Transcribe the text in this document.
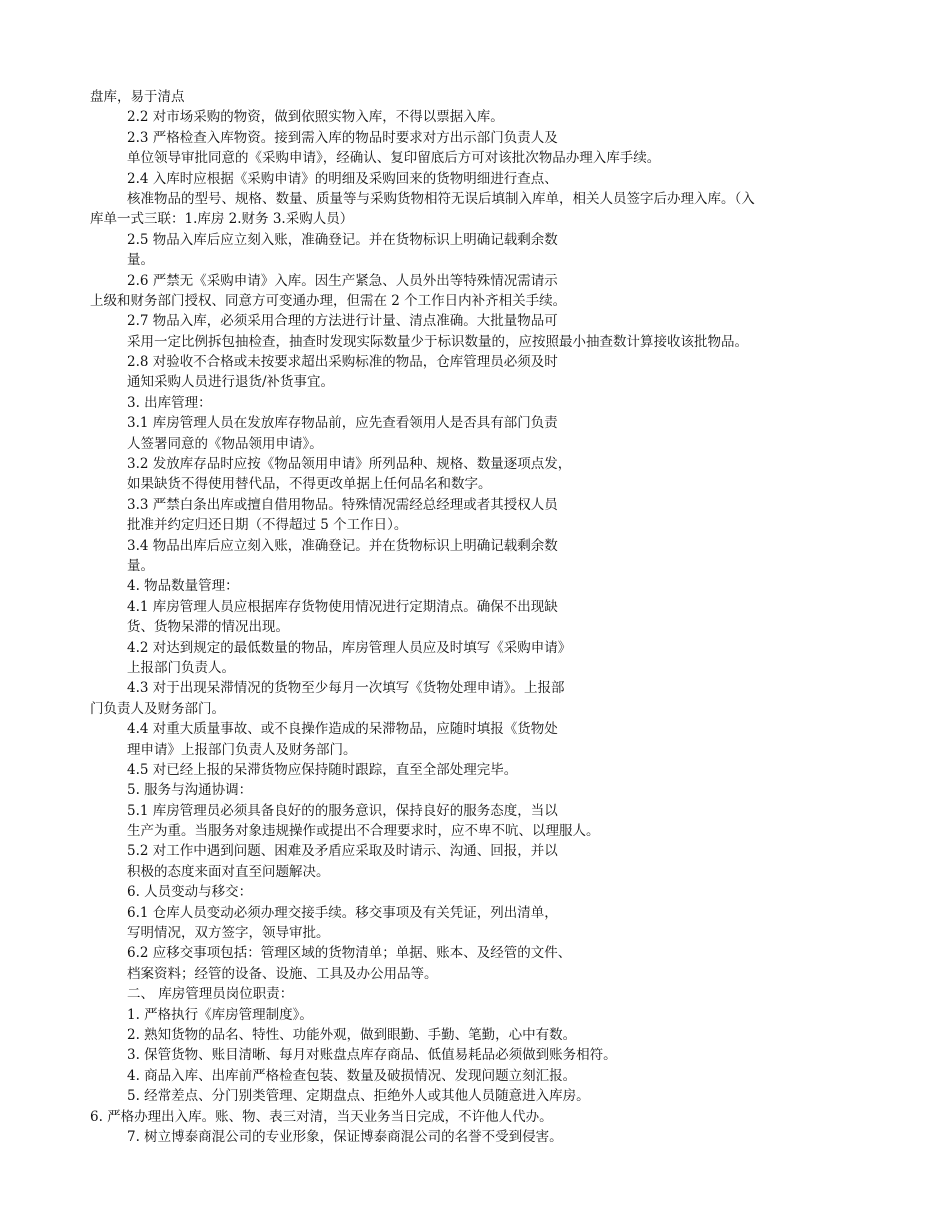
盘库，易于清点
2.2 对市场采购的物资，做到依照实物入库，不得以票据入库。
2.3 严格检查入库物资。接到需入库的物品时要求对方出示部门负责人及
单位领导审批同意的《采购申请》，经确认、复印留底后方可对该批次物品办理入库手续。
2.4 入库时应根据《采购申请》的明细及采购回来的货物明细进行查点、
核准物品的型号、规格、数量、质量等与采购货物相符无误后填制入库单，相关人员签字后办理入库。（入
库单一式三联：1.库房 2.财务 3.采购人员）
2.5 物品入库后应立刻入账，准确登记。并在货物标识上明确记载剩余数
量。
2.6 严禁无《采购申请》入库。因生产紧急、人员外出等特殊情况需请示
上级和财务部门授权、同意方可变通办理，但需在 2 个工作日内补齐相关手续。
2.7 物品入库，必须采用合理的方法进行计量、清点准确。大批量物品可
采用一定比例拆包抽检查，抽查时发现实际数量少于标识数量的，应按照最小抽查数计算接收该批物品。
2.8 对验收不合格或未按要求超出采购标准的物品，仓库管理员必须及时
通知采购人员进行退货/补货事宜。
3. 出库管理：
3.1 库房管理人员在发放库存物品前，应先查看领用人是否具有部门负责
人签署同意的《物品领用申请》。
3.2 发放库存品时应按《物品领用申请》所列品种、规格、数量逐项点发，
如果缺货不得使用替代品，不得更改单据上任何品名和数字。
3.3 严禁白条出库或擅自借用物品。特殊情况需经总经理或者其授权人员
批准并约定归还日期（不得超过 5 个工作日）。
3.4 物品出库后应立刻入账，准确登记。并在货物标识上明确记载剩余数
量。
4. 物品数量管理：
4.1 库房管理人员应根据库存货物使用情况进行定期清点。确保不出现缺
货、货物呆滞的情况出现。
4.2 对达到规定的最低数量的物品，库房管理人员应及时填写《采购申请》
上报部门负责人。
4.3 对于出现呆滞情况的货物至少每月一次填写《货物处理申请》。上报部
门负责人及财务部门。
4.4 对重大质量事故、或不良操作造成的呆滞物品，应随时填报《货物处
理申请》上报部门负责人及财务部门。
4.5 对已经上报的呆滞货物应保持随时跟踪，直至全部处理完毕。
5. 服务与沟通协调：
5.1 库房管理员必须具备良好的的服务意识，保持良好的服务态度，当以
生产为重。当服务对象违规操作或提出不合理要求时，应不卑不吭、以理服人。
5.2 对工作中遇到问题、困难及矛盾应采取及时请示、沟通、回报，并以
积极的态度来面对直至问题解决。
6. 人员变动与移交：
6.1 仓库人员变动必须办理交接手续。移交事项及有关凭证，列出清单，
写明情况，双方签字，领导审批。
6.2 应移交事项包括：管理区域的货物清单；单据、账本、及经管的文件、
档案资料；经管的设备、设施、工具及办公用品等。
二、 库房管理员岗位职责：
1. 严格执行《库房管理制度》。
2. 熟知货物的品名、特性、功能外观，做到眼勤、手勤、笔勤，心中有数。
3. 保管货物、账目清晰、每月对账盘点库存商品、低值易耗品必须做到账务相符。
4. 商品入库、出库前严格检查包装、数量及破损情况、发现问题立刻汇报。
5. 经常差点、分门别类管理、定期盘点、拒绝外人或其他人员随意进入库房。
6. 严格办理出入库。账、物、表三对清，当天业务当日完成，不许他人代办。
7. 树立博泰商混公司的专业形象，保证博泰商混公司的名誉不受到侵害。
